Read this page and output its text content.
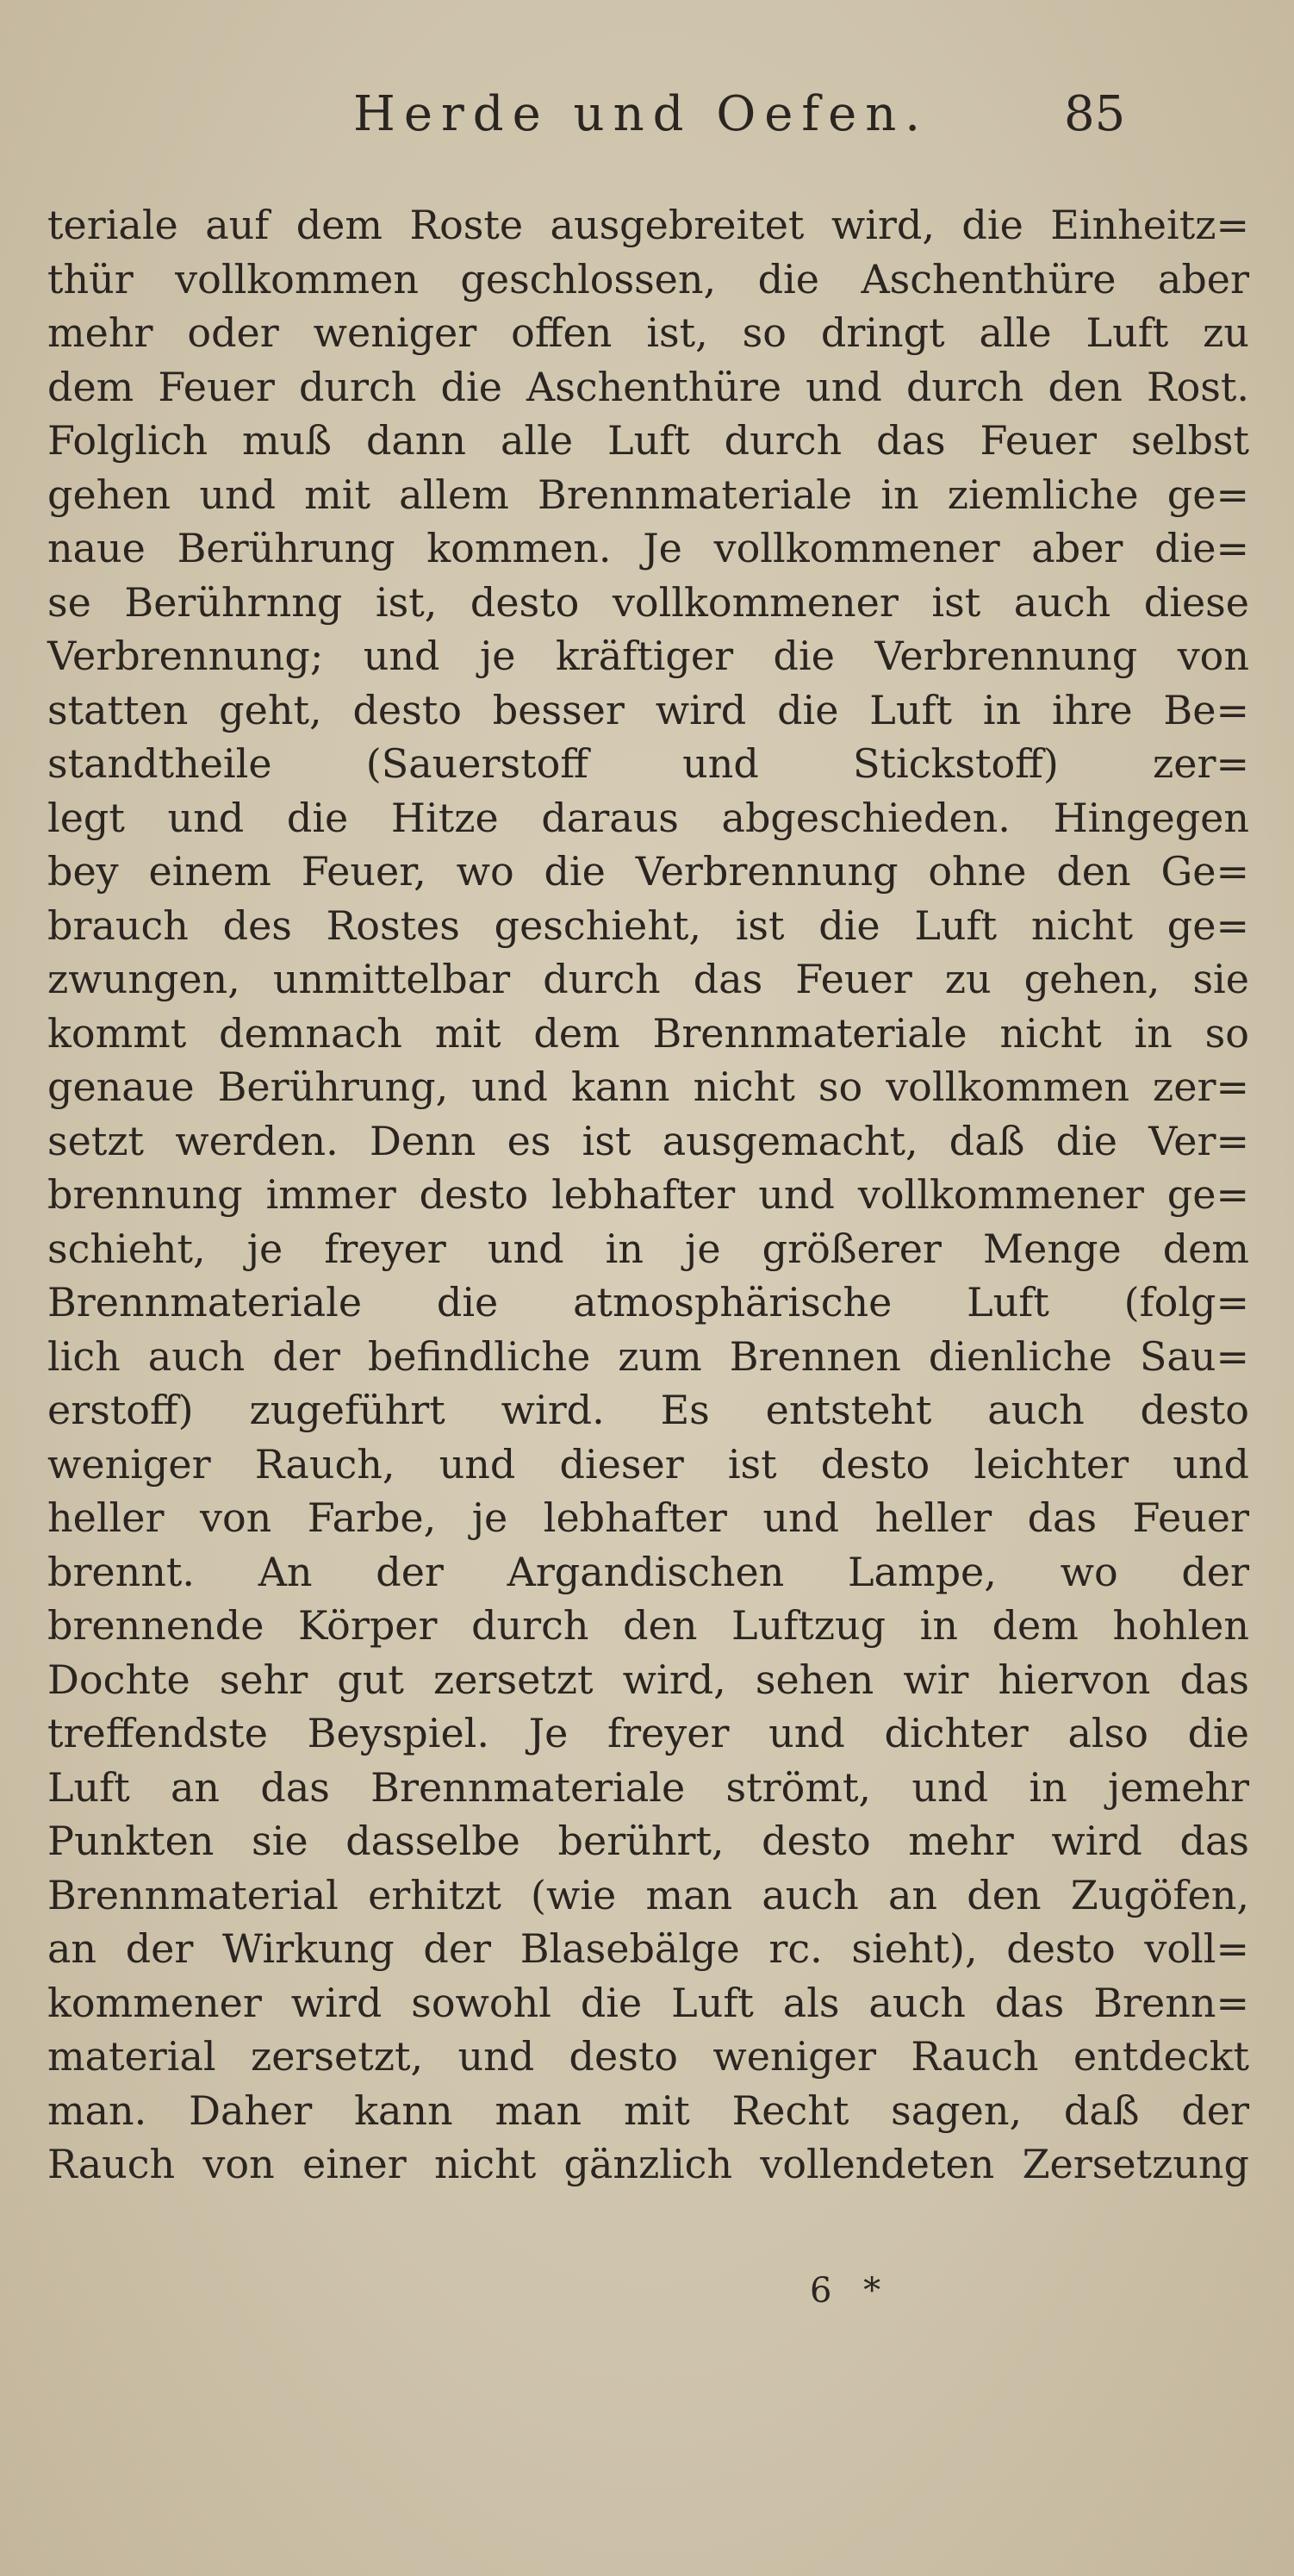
Herde und Oefen.	85
teriale auf dem Roste ausgebreitet wird, die Einheitz=
thür vollkommen geschlossen, die Aschenthüre aber
mehr oder weniger offen ist, so dringt alle Luft zu
dem Feuer durch die Aschenthüre und durch den Rost.
Folglich muß dann alle Luft durch das Feuer selbst
gehen und mit allem Brennmateriale in ziemliche ge=
naue Berührung kommen. Je vollkommener aber die=
se Berührnng ist, desto vollkommener ist auch diese
Verbrennung; und je kräftiger die Verbrennung von
statten geht, desto besser wird die Luft in ihre Be=
standtheile (Sauerstoff und Stickstoff) zer=
legt und die Hitze daraus abgeschieden. Hingegen
bey einem Feuer, wo die Verbrennung ohne den Ge=
brauch des Rostes geschieht, ist die Luft nicht ge=
zwungen, unmittelbar durch das Feuer zu gehen, sie
kommt demnach mit dem Brennmateriale nicht in so
genaue Berührung, und kann nicht so vollkommen zer=
setzt werden. Denn es ist ausgemacht, daß die Ver=
brennung immer desto lebhafter und vollkommener ge=
schieht, je freyer und in je größerer Menge dem
Brennmateriale die atmosphärische Luft (folg=
lich auch der befindliche zum Brennen dienliche Sau=
erstoff) zugeführt wird. Es entsteht auch desto
weniger Rauch, und dieser ist desto leichter und
heller von Farbe, je lebhafter und heller das Feuer
brennt. An der Argandischen Lampe, wo der
brennende Körper durch den Luftzug in dem hohlen
Dochte sehr gut zersetzt wird, sehen wir hiervon das
treffendste Beyspiel. Je freyer und dichter also die
Luft an das Brennmateriale strömt, und in jemehr
Punkten sie dasselbe berührt, desto mehr wird das
Brennmaterial erhitzt (wie man auch an den Zugöfen,
an der Wirkung der Blasebälge rc. sieht), desto voll=
kommener wird sowohl die Luft als auch das Brenn=
material zersetzt, und desto weniger Rauch entdeckt
man. Daher kann man mit Recht sagen, daß der
Rauch von einer nicht gänzlich vollendeten Zersetzung
6 *
